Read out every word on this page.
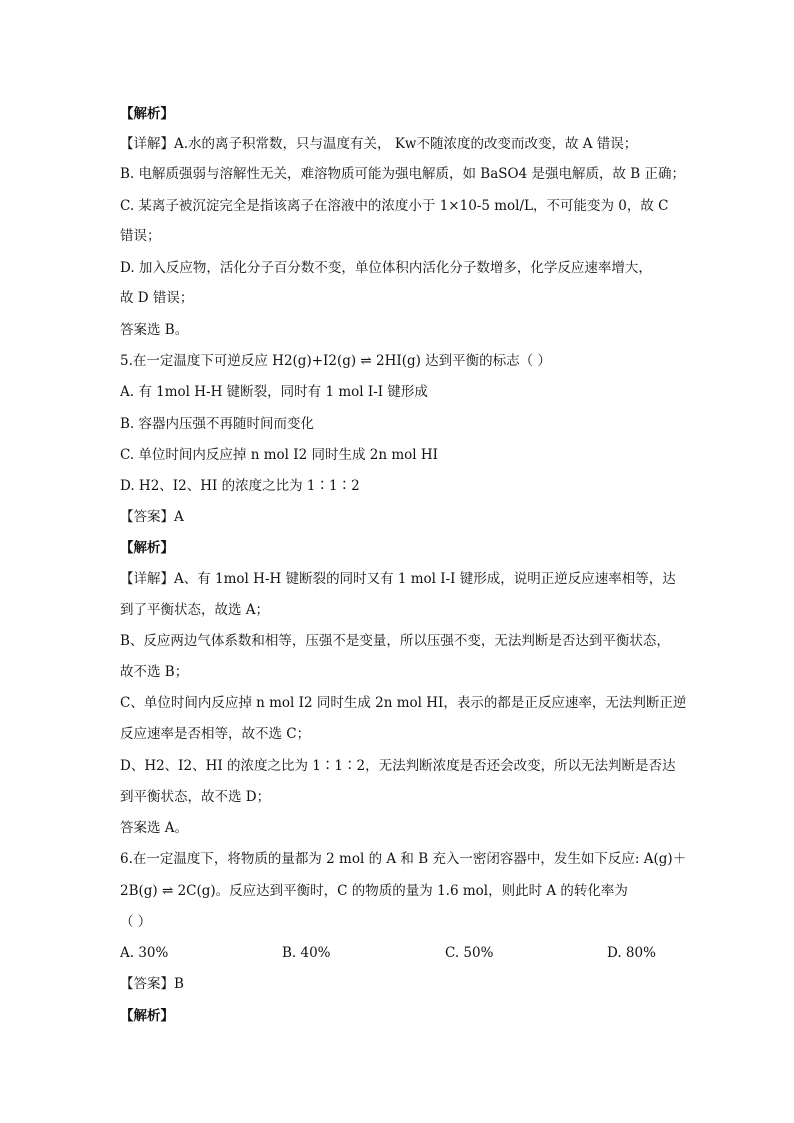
【解析】
【详解】A.水的离子积常数，只与温度有关， Kw不随浓度的改变而改变，故 A 错误；
B. 电解质强弱与溶解性无关，难溶物质可能为强电解质，如 BaSO4 是强电解质，故 B 正确；
C. 某离子被沉淀完全是指该离子在溶液中的浓度小于 1×10-5 mol/L，不可能变为 0，故 C
错误；
D. 加入反应物，活化分子百分数不变，单位体积内活化分子数增多，化学反应速率增大，
故 D 错误；
答案选 B。
5.在一定温度下可逆反应 H2(g)+I2(g) ⇌ 2HI(g) 达到平衡的标志（ ）
A. 有 1mol H-H 键断裂，同时有 1 mol I-I 键形成
B. 容器内压强不再随时间而变化
C. 单位时间内反应掉 n mol I2 同时生成 2n mol HI
D. H2、I2、HI 的浓度之比为 1∶1∶2
【答案】A
【解析】
【详解】A、有 1mol H-H 键断裂的同时又有 1 mol I-I 键形成，说明正逆反应速率相等，达
到了平衡状态，故选 A；
B、反应两边气体系数和相等，压强不是变量，所以压强不变，无法判断是否达到平衡状态，
故不选 B；
C、单位时间内反应掉 n mol I2 同时生成 2n mol HI，表示的都是正反应速率，无法判断正逆
反应速率是否相等，故不选 C；
D、H2、I2、HI 的浓度之比为 1∶1∶2，无法判断浓度是否还会改变，所以无法判断是否达
到平衡状态，故不选 D；
答案选 A。
6.在一定温度下，将物质的量都为 2 mol 的 A 和 B 充入一密闭容器中，发生如下反应: A(g)＋
2B(g) ⇌ 2C(g)。反应达到平衡时，C 的物质的量为 1.6 mol，则此时 A 的转化率为
（ ）
A. 30%	B. 40%	C. 50%	D. 80%
【答案】B
【解析】
